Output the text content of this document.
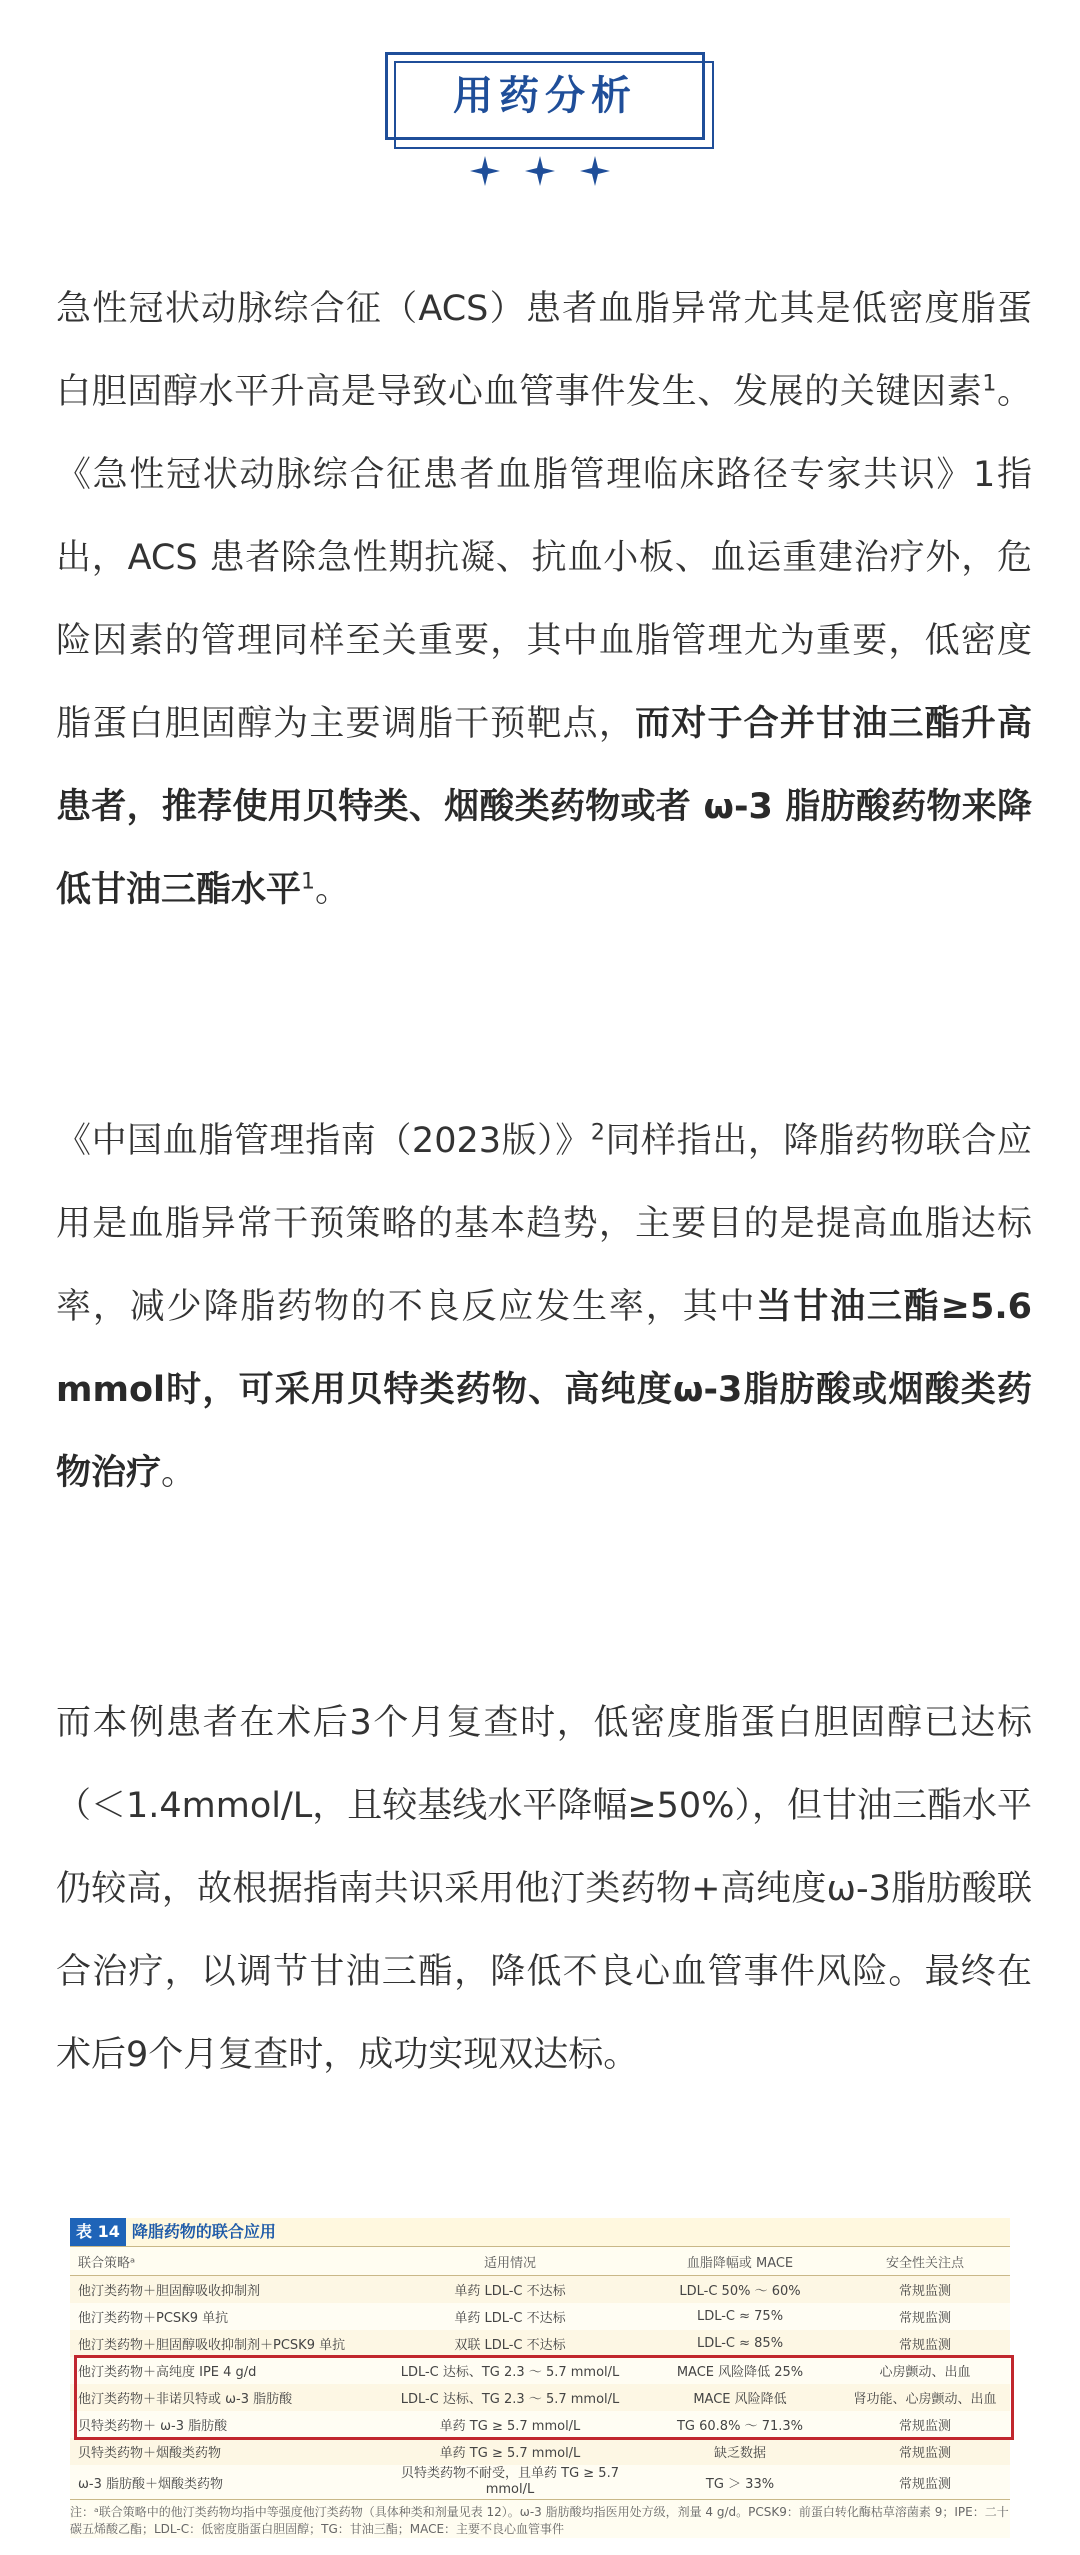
用药分析

急性冠状动脉综合征（ACS）患者血脂异常尤其是低密度脂蛋白胆固醇水平升高是导致心血管事件发生、发展的关键因素$^1$。《急性冠状动脉综合征患者血脂管理临床路径专家共识》1指出，ACS 患者除急性期抗凝、抗血小板、血运重建治疗外，危险因素的管理同样至关重要，其中血脂管理尤为重要，低密度脂蛋白胆固醇为主要调脂干预靶点，而对于合并甘油三酯升高患者，推荐使用贝特类、烟酸类药物或者 ω-3 脂肪酸药物来降低甘油三酯水平$^1$。
《中国血脂管理指南（2023版）》$^2$同样指出，降脂药物联合应用是血脂异常干预策略的基本趋势，主要目的是提高血脂达标率，减少降脂药物的不良反应发生率，其中当甘油三酯≥5.6 mmol时，可采用贝特类药物、高纯度ω-3脂肪酸或烟酸类药物治疗。
而本例患者在术后3个月复查时，低密度脂蛋白胆固醇已达标（＜1.4mmol/L，且较基线水平降幅≥50%），但甘油三酯水平仍较高，故根据指南共识采用他汀类药物+高纯度ω-3脂肪酸联合治疗，以调节甘油三酯，降低不良心血管事件风险。最终在术后9个月复查时，成功实现双达标。
表 14 降脂药物的联合应用
联合策略ᵃ	适用情况	血脂降幅或 MACE	安全性关注点
他汀类药物＋胆固醇吸收抑制剂	单药 LDL-C 不达标	LDL-C 50% ～ 60%	常规监测
他汀类药物＋PCSK9 单抗	单药 LDL-C 不达标	LDL-C ≈ 75%	常规监测
他汀类药物＋胆固醇吸收抑制剂＋PCSK9 单抗	双联 LDL-C 不达标	LDL-C ≈ 85%	常规监测
他汀类药物＋高纯度 IPE 4 g/d	LDL-C 达标、TG 2.3 ～ 5.7 mmol/L	MACE 风险降低 25%	心房颤动、出血
他汀类药物＋非诺贝特或 ω-3 脂肪酸	LDL-C 达标、TG 2.3 ～ 5.7 mmol/L	MACE 风险降低	肾功能、心房颤动、出血
贝特类药物＋ ω-3 脂肪酸	单药 TG ≥ 5.7 mmol/L	TG 60.8% ～ 71.3%	常规监测
贝特类药物＋烟酸类药物	单药 TG ≥ 5.7 mmol/L	缺乏数据	常规监测
ω-3 脂肪酸＋烟酸类药物	贝特类药物不耐受，且单药 TG ≥ 5.7 mmol/L	TG ＞ 33%	常规监测
注：ᵃ联合策略中的他汀类药物均指中等强度他汀类药物（具体种类和剂量见表 12）。ω-3 脂肪酸均指医用处方级，剂量 4 g/d。PCSK9：前蛋白转化酶枯草溶菌素 9；IPE：二十碳五烯酸乙酯；LDL-C：低密度脂蛋白胆固醇；TG：甘油三酯；MACE：主要不良心血管事件
